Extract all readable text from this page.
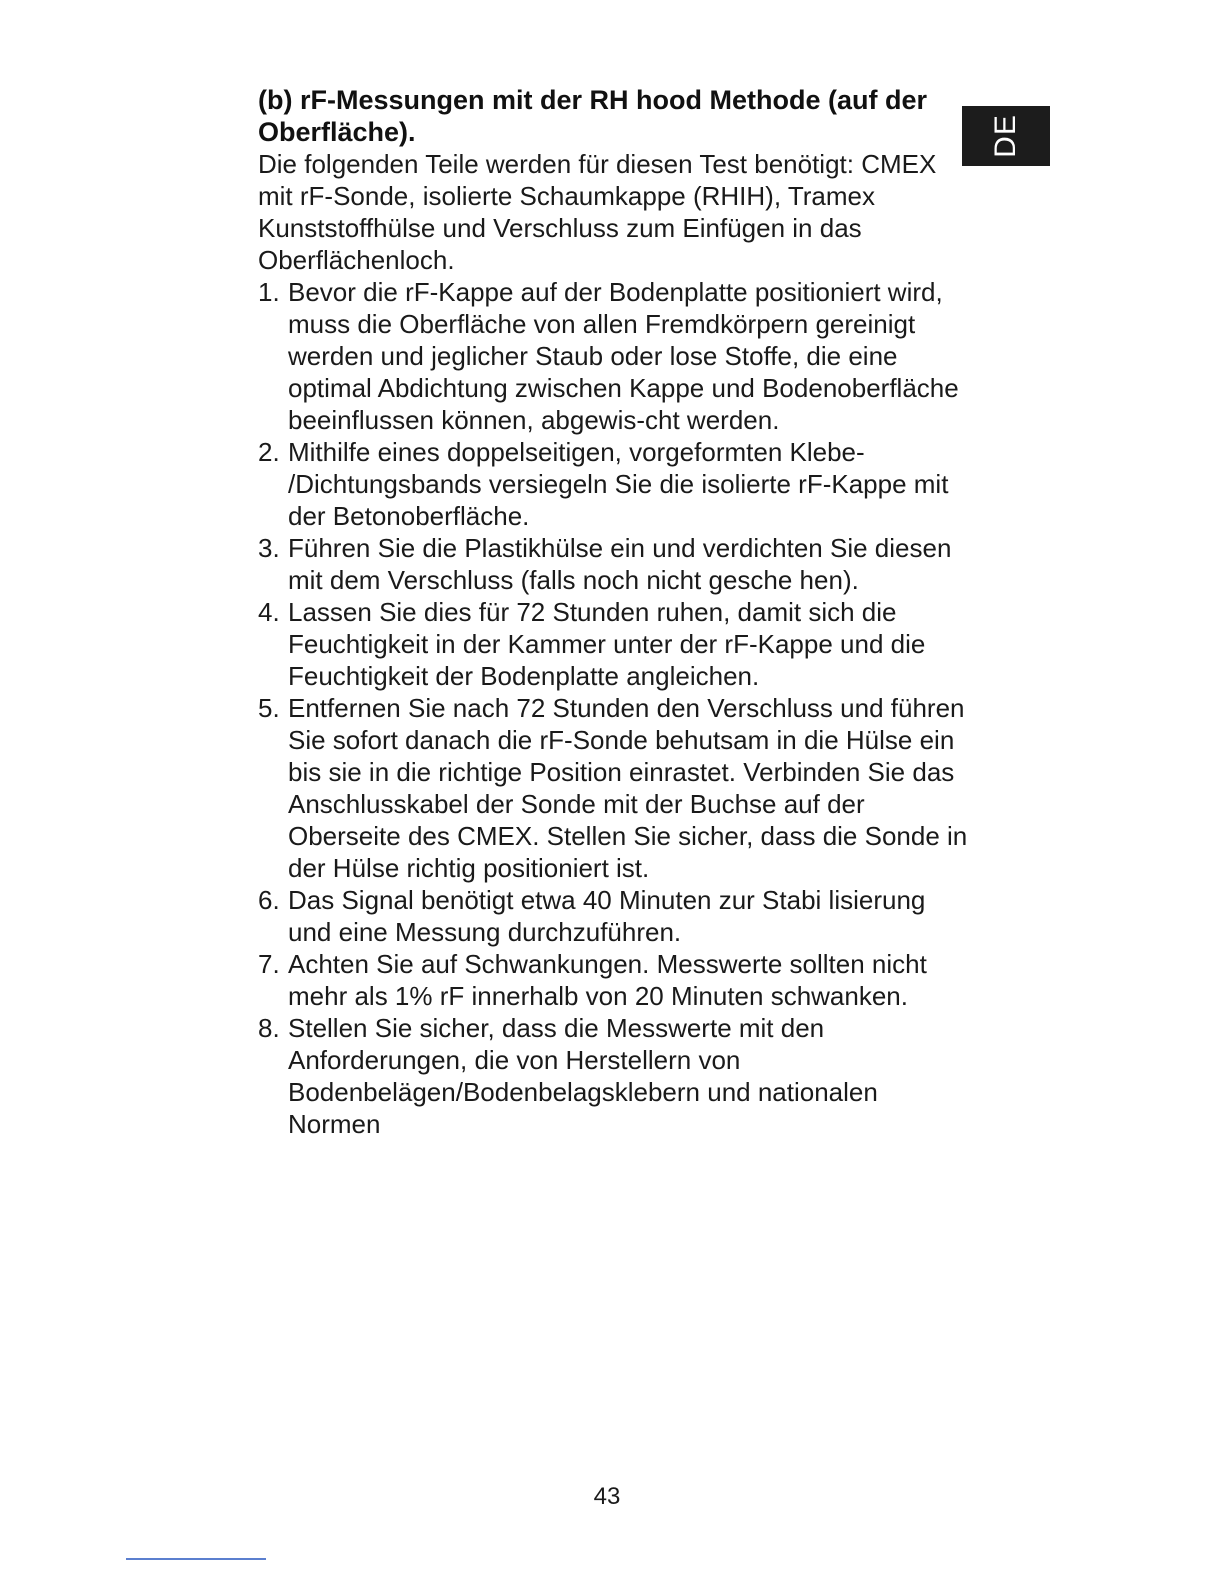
DE

(b) rF-Messungen mit der RH hood Methode (auf der Oberfläche).

Die folgenden Teile werden für diesen Test benötigt: CMEX mit rF-Sonde, isolierte Schaumkappe (RHIH), Tramex Kunststoffhülse und Verschluss zum Einfügen in das Oberflächenloch.

1. Bevor die rF-Kappe auf der Bodenplatte positioniert wird, muss die Oberfläche von allen Fremdkörpern gereinigt werden und jeglicher Staub oder lose Stoffe, die eine optimal Abdichtung zwischen Kappe und Bodenoberfläche beeinflussen können, abgewis-cht werden.
2. Mithilfe eines doppelseitigen, vorgeformten Klebe- /Dichtungsbands versiegeln Sie die isolierte rF-Kappe mit der Betonoberfläche.
3. Führen Sie die Plastikhülse ein und verdichten Sie diesen mit dem Verschluss (falls noch nicht gesche hen).
4. Lassen Sie dies für 72 Stunden ruhen, damit sich die Feuchtigkeit in der Kammer unter der rF-Kappe und die Feuchtigkeit der Bodenplatte angleichen.
5. Entfernen Sie nach 72 Stunden den Verschluss und führen Sie sofort danach die rF-Sonde behutsam in die Hülse ein bis sie in die richtige Position einrastet. Verbinden Sie das Anschlusskabel der Sonde mit der Buchse auf der Oberseite des CMEX. Stellen Sie sicher, dass die Sonde in der Hülse richtig positioniert ist.
6. Das Signal benötigt etwa 40 Minuten zur Stabi lisierung und eine Messung durchzuführen.
7. Achten Sie auf Schwankungen. Messwerte sollten nicht mehr als 1% rF innerhalb von 20 Minuten schwanken.
8. Stellen Sie sicher, dass die Messwerte mit den Anforderungen, die von Herstellern von Bodenbelägen/Bodenbelagsklebern und nationalen Normen
43
